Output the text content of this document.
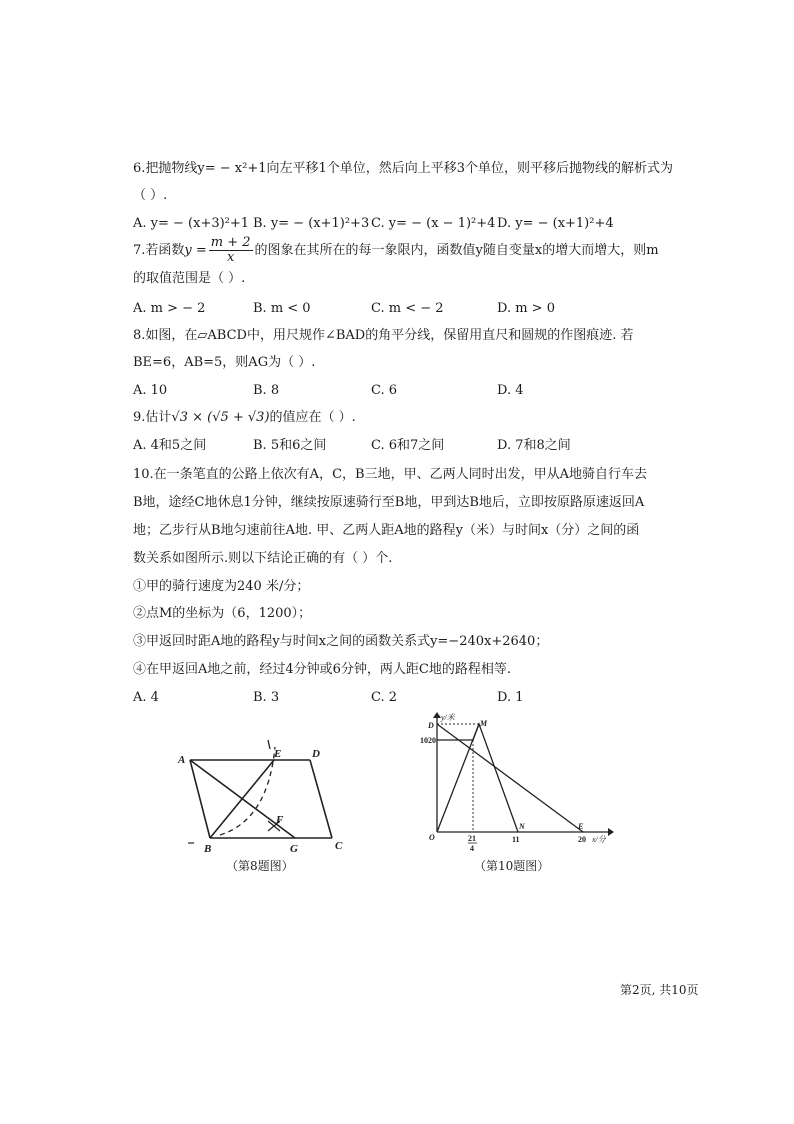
6.把抛物线y= − x²+1向左平移1个单位，然后向上平移3个单位，则平移后抛物线的解析式为
（ ）.
A. y= − (x+3)²+1 B. y= − (x+1)²+3 C. y= − (x − 1)²+4 D. y= − (x+1)²+4
7.若函数$y = \frac{m + 2}{x}$ 的图象在其所在的每一象限内，函数值y随自变量x的增大而增大，则m
的取值范围是（ ）.
A. m > − 2	B. m < 0	C. m < − 2	D. m > 0
8.如图，在▱ABCD中，用尺规作∠BAD的角平分线，保留用直尺和圆规的作图痕迹. 若
BE=6，AB=5，则AG为（ ）.
A. 10	B. 8	C. 6	D. 4
9.估计√3 × (√5 + √3)的值应在（ ）.
A. 4和5之间	B. 5和6之间	C. 6和7之间	D. 7和8之间
10.在一条笔直的公路上依次有A，C，B三地，甲、乙两人同时出发，甲从A地骑自行车去
B地，途经C地休息1分钟，继续按原速骑行至B地，甲到达B地后，立即按原路原速返回A
地；乙步行从B地匀速前往A地. 甲、乙两人距A地的路程y（米）与时间x（分）之间的函
数关系如图所示.则以下结论正确的有（ ）个.
①甲的骑行速度为240 米/分；
②点M的坐标为（6，1200）；
③甲返回时距A地的路程y与时间x之间的函数关系式y=−240x+2640；
④在甲返回A地之前，经过4分钟或6分钟，两人距C地的路程相等.
A. 4	B. 3	C. 2	D. 1
A	D
E
F
B	G	C
（第8题图）
y/米
x/分
D	M
N	E
O
1020
21
4
11	20
（第10题图）
第2页, 共10页
